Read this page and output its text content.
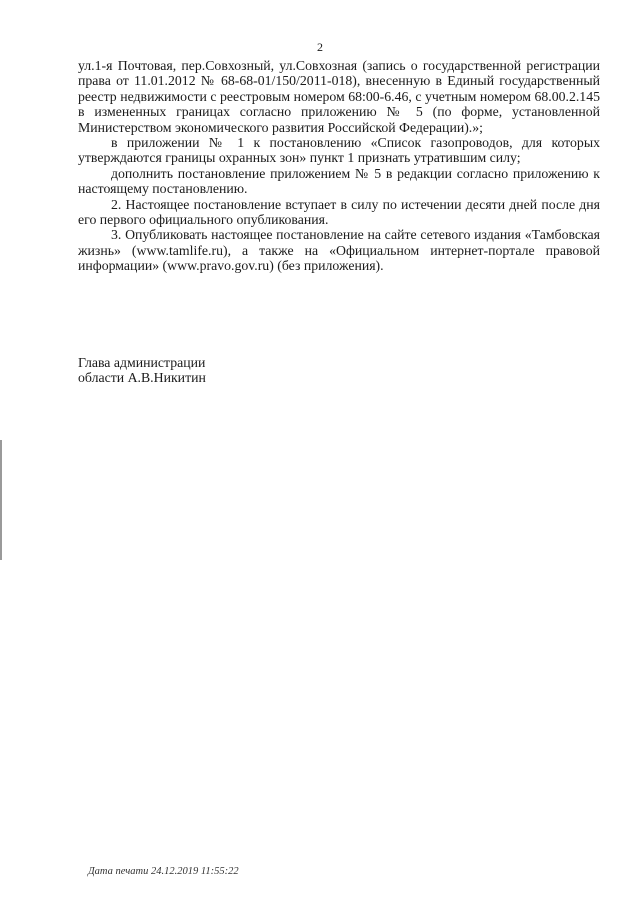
2

ул.1-я Почтовая, пер.Совхозный, ул.Совхозная (запись о государственной регистрации права от 11.01.2012 № 68-68-01/150/2011-018), внесенную в Единый государственный реестр недвижимости с реестровым номером 68:00-6.46, с учетным номером 68.00.2.145 в измененных границах согласно приложению № 5 (по форме, установленной Министерством экономического развития Российской Федерации).»;

в приложении № 1 к постановлению «Список газопроводов, для которых утверждаются границы охранных зон» пункт 1 признать утратившим силу;

дополнить постановление приложением № 5 в редакции согласно приложению к настоящему постановлению.

2. Настоящее постановление вступает в силу по истечении десяти дней после дня его первого официального опубликования.

3. Опубликовать настоящее постановление на сайте сетевого издания «Тамбовская жизнь» (www.tamlife.ru), а также на «Официальном интернет-портале правовой информации» (www.pravo.gov.ru) (без приложения).

Глава администрации
области А.В.Никитин
Дата печати 24.12.2019 11:55:22
